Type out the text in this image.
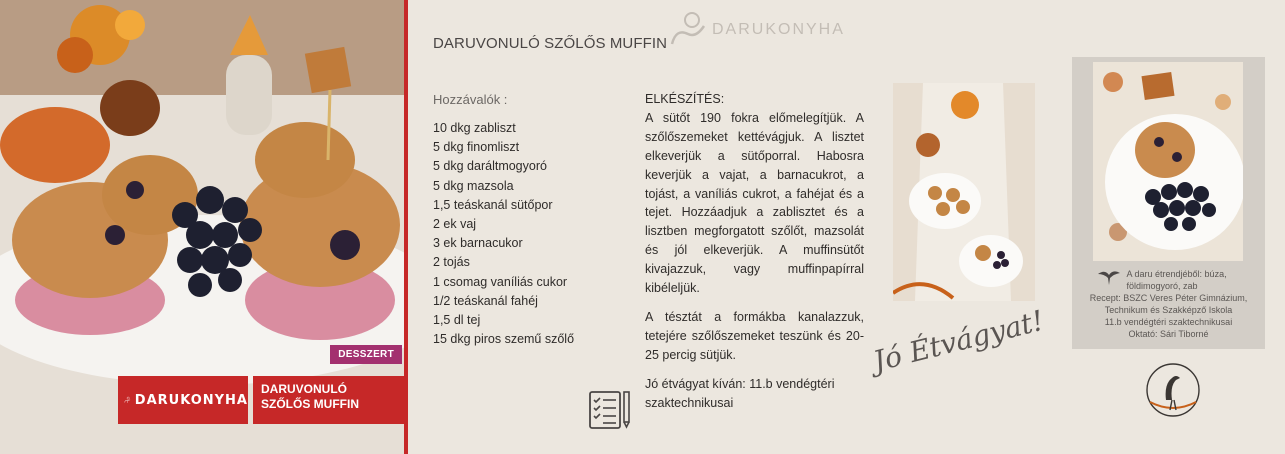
DESSZERT
DARUKONYHA
DARUVONULÓ SZŐLŐS MUFFIN
DARUVONULÓ SZŐLŐS MUFFIN
DARUKONYHA
Hozzávalók :
10 dkg zabliszt
5 dkg finomliszt
5 dkg daráltmogyoró
5 dkg mazsola
1,5 teáskanál sütőpor
2 ek vaj
3 ek barnacukor
2 tojás
1 csomag vaníliás cukor
1/2 teáskanál fahéj
1,5 dl tej
15 dkg piros szemű szőlő
ELKÉSZÍTÉS:

A sütőt 190 fokra előmelegítjük. A szőlőszemeket kettévágjuk. A lisztet elkeverjük a sütőporral. Habosra keverjük a vajat, a barnacukrot, a tojást, a vaníliás cukrot, a fahéjat és a tejet. Hozzáadjuk a zablisztet és a lisztben megforgatott szőlőt, mazsolát és jól elkeverjük. A muffinsütőt kivajazzuk, vagy muffinpapírral kibéleljük.

A tésztát a formákba kanalazzuk, tetejére szőlőszemeket teszünk és 20-25 percig sütjük.

Jó étvágyat kíván: 11.b vendégtéri szaktechnikusai

Jó Étvágyat!
A daru étrendjéből: búza, földimogyoró, zab
Recept: BSZC Veres Péter Gimnázium, Technikum és Szakképző Iskola
11.b vendégtéri szaktechnikusai
Oktató: Sári Tiborné
